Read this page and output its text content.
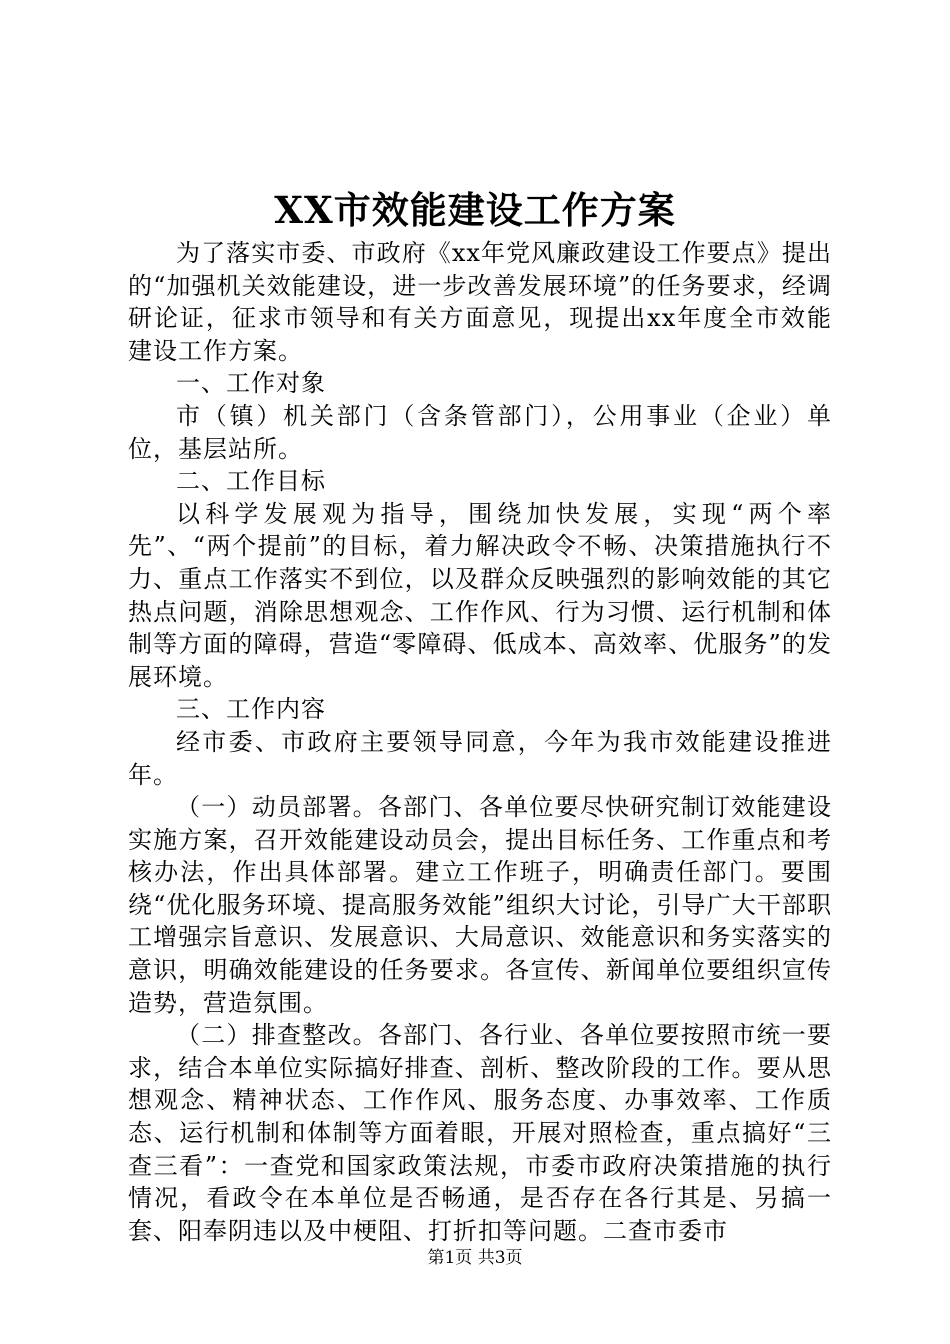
XX市效能建设工作方案

为了落实市委、市政府《xx年党风廉政建设工作要点》提出的“加强机关效能建设，进一步改善发展环境”的任务要求，经调研论证，征求市领导和有关方面意见，现提出xx年度全市效能建设工作方案。

一、工作对象

市（镇）机关部门（含条管部门），公用事业（企业）单位，基层站所。

二、工作目标

以科学发展观为指导，围绕加快发展，实现“两个率先”、“两个提前”的目标，着力解决政令不畅、决策措施执行不力、重点工作落实不到位，以及群众反映强烈的影响效能的其它热点问题，消除思想观念、工作作风、行为习惯、运行机制和体制等方面的障碍，营造“零障碍、低成本、高效率、优服务”的发展环境。

三、工作内容

经市委、市政府主要领导同意，今年为我市效能建设推进年。

（一）动员部署。各部门、各单位要尽快研究制订效能建设实施方案，召开效能建设动员会，提出目标任务、工作重点和考核办法，作出具体部署。建立工作班子，明确责任部门。要围绕“优化服务环境、提高服务效能”组织大讨论，引导广大干部职工增强宗旨意识、发展意识、大局意识、效能意识和务实落实的意识，明确效能建设的任务要求。各宣传、新闻单位要组织宣传造势，营造氛围。

（二）排查整改。各部门、各行业、各单位要按照市统一要求，结合本单位实际搞好排查、剖析、整改阶段的工作。要从思想观念、精神状态、工作作风、服务态度、办事效率、工作质态、运行机制和体制等方面着眼，开展对照检查，重点搞好“三查三看”：一查党和国家政策法规，市委市政府决策措施的执行情况，看政令在本单位是否畅通，是否存在各行其是、另搞一套、阳奉阴违以及中梗阻、打折扣等问题。二查市委市

第1页 共3页
